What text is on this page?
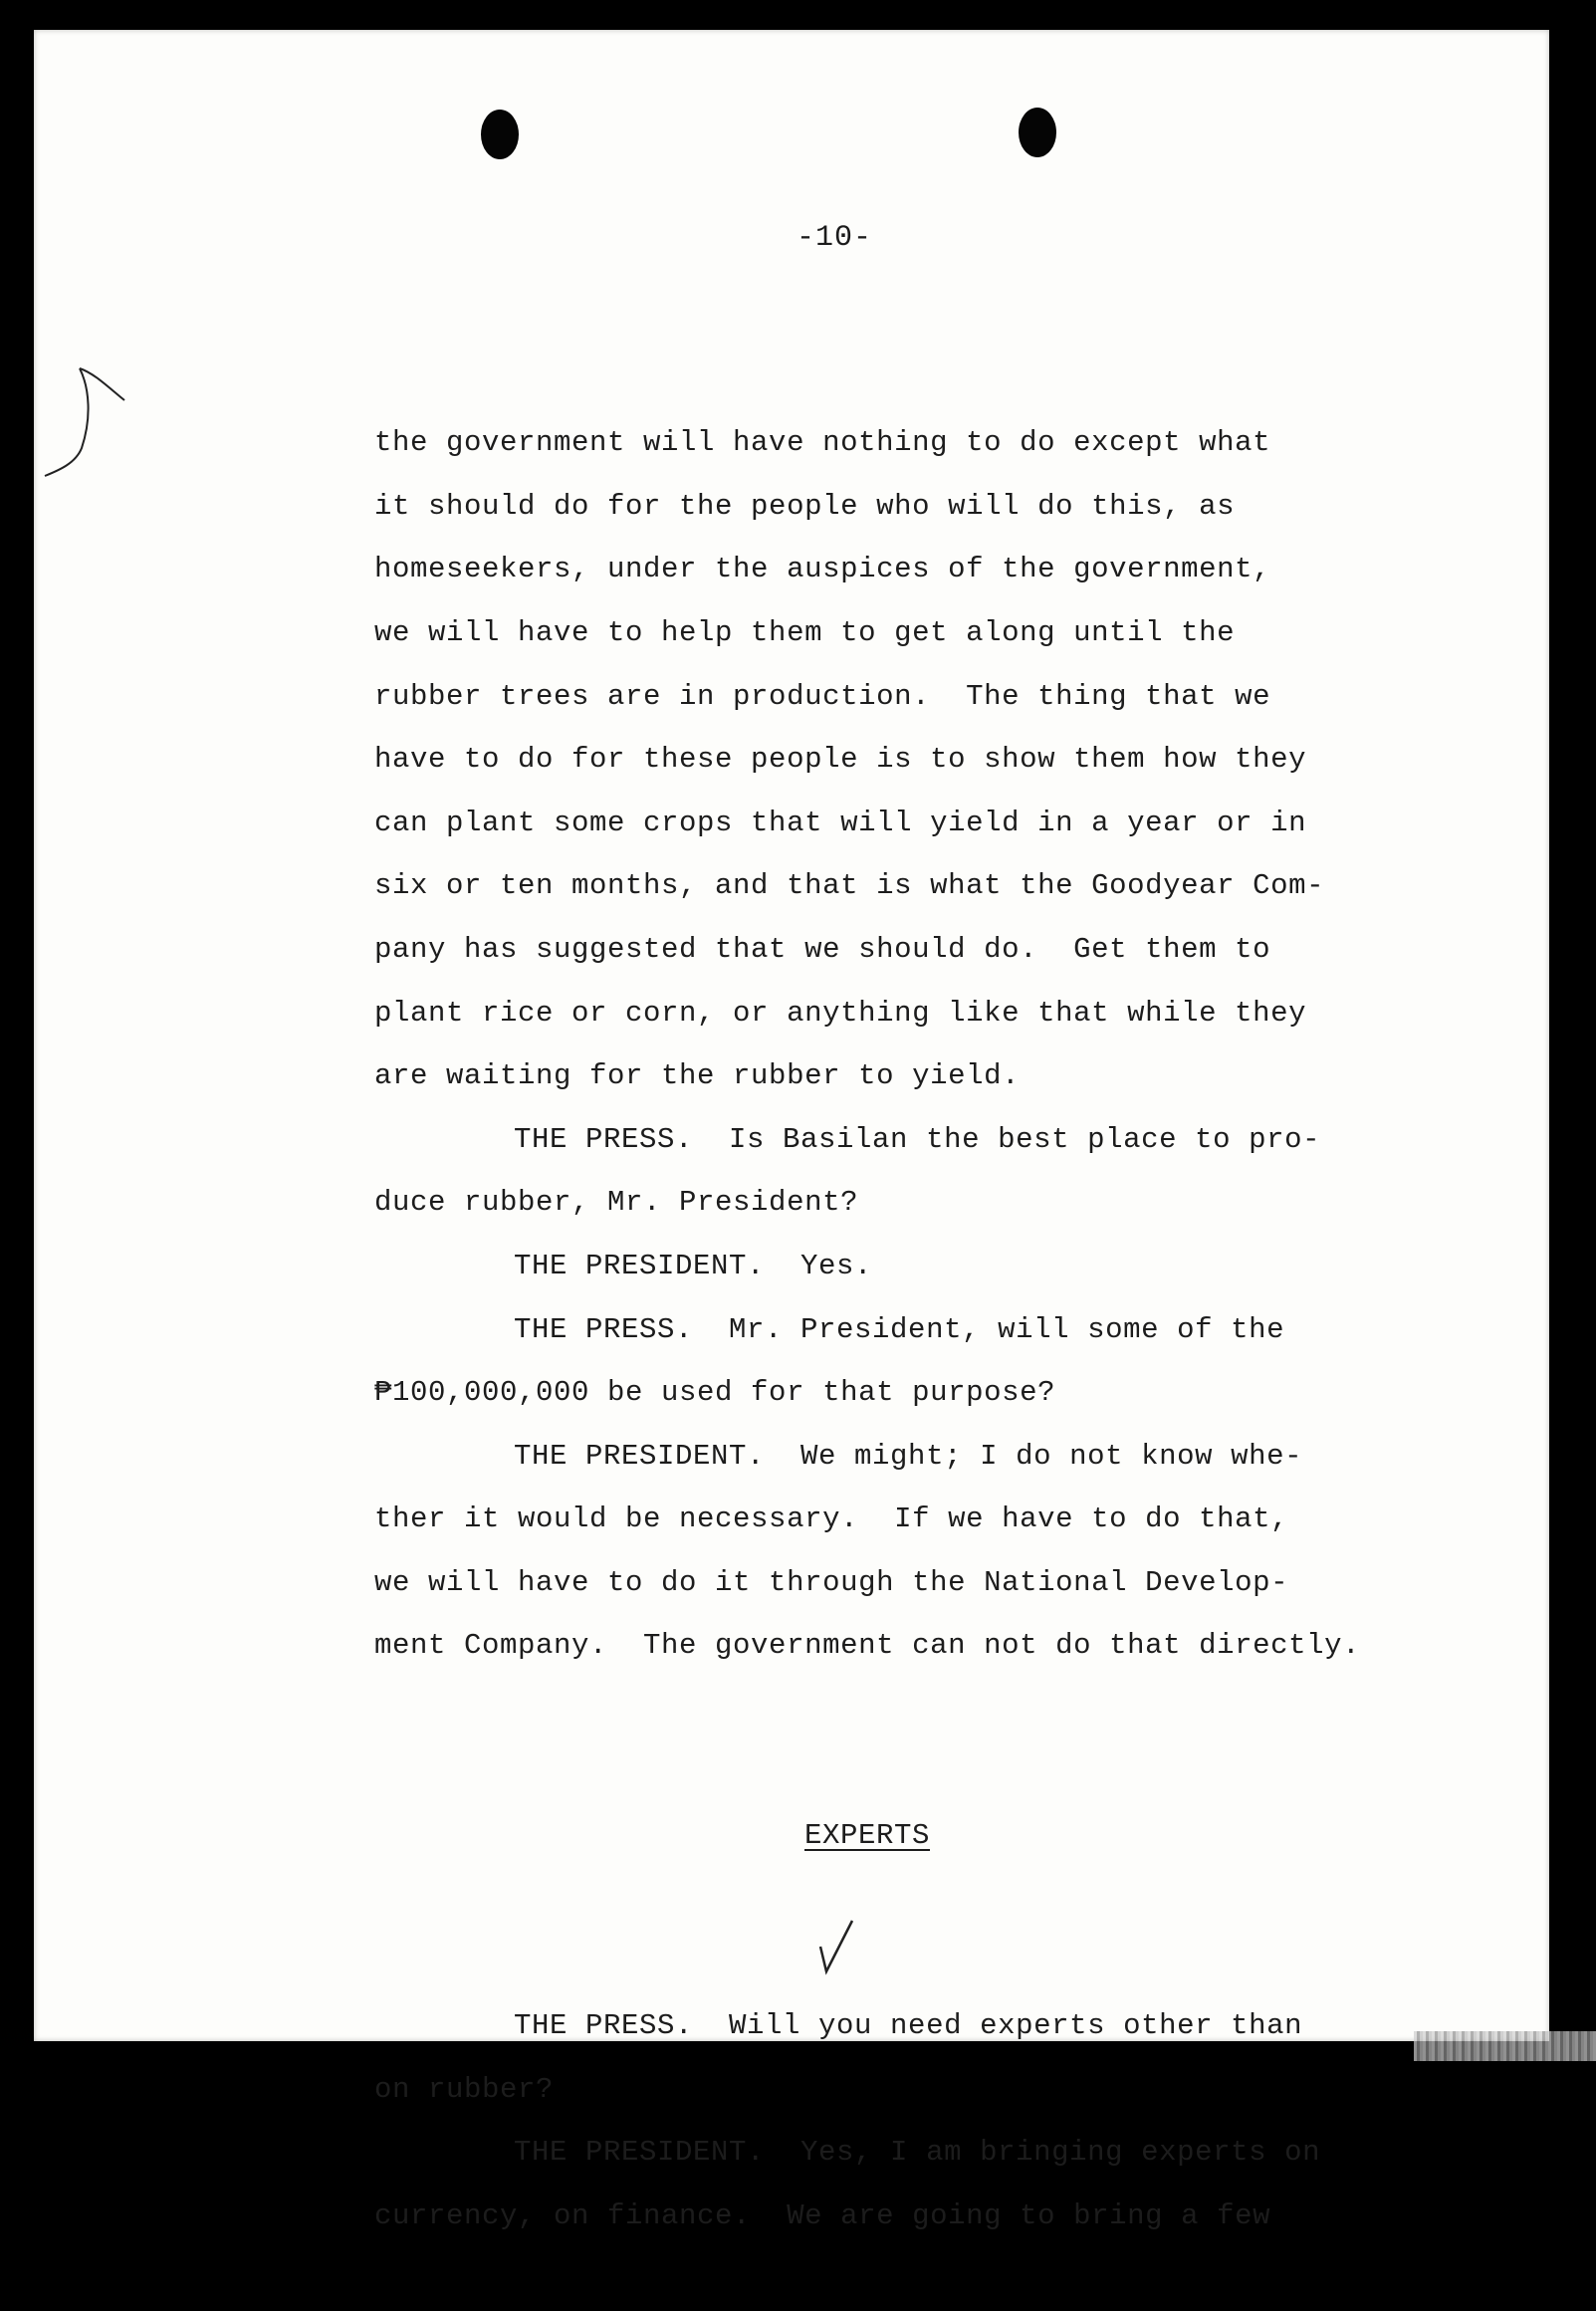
-10-

the government will have nothing to do except what
it should do for the people who will do this, as
homeseekers, under the auspices of the government,
we will have to help them to get along until the
rubber trees are in production.  The thing that we
have to do for these people is to show them how they
can plant some crops that will yield in a year or in
six or ten months, and that is what the Goodyear Com-
pany has suggested that we should do.  Get them to
plant rice or corn, or anything like that while they
are waiting for the rubber to yield.
THE PRESS.  Is Basilan the best place to pro-
duce rubber, Mr. President?
THE PRESIDENT.  Yes.
THE PRESS.  Mr. President, will some of the
₱100,000,000 be used for that purpose?
THE PRESIDENT.  We might; I do not know whe-
ther it would be necessary.  If we have to do that,
we will have to do it through the National Develop-
ment Company.  The government can not do that directly.

EXPERTS

THE PRESS.  Will you need experts other than
on rubber?
THE PRESIDENT.  Yes, I am bringing experts on
currency, on finance.  We are going to bring a few
